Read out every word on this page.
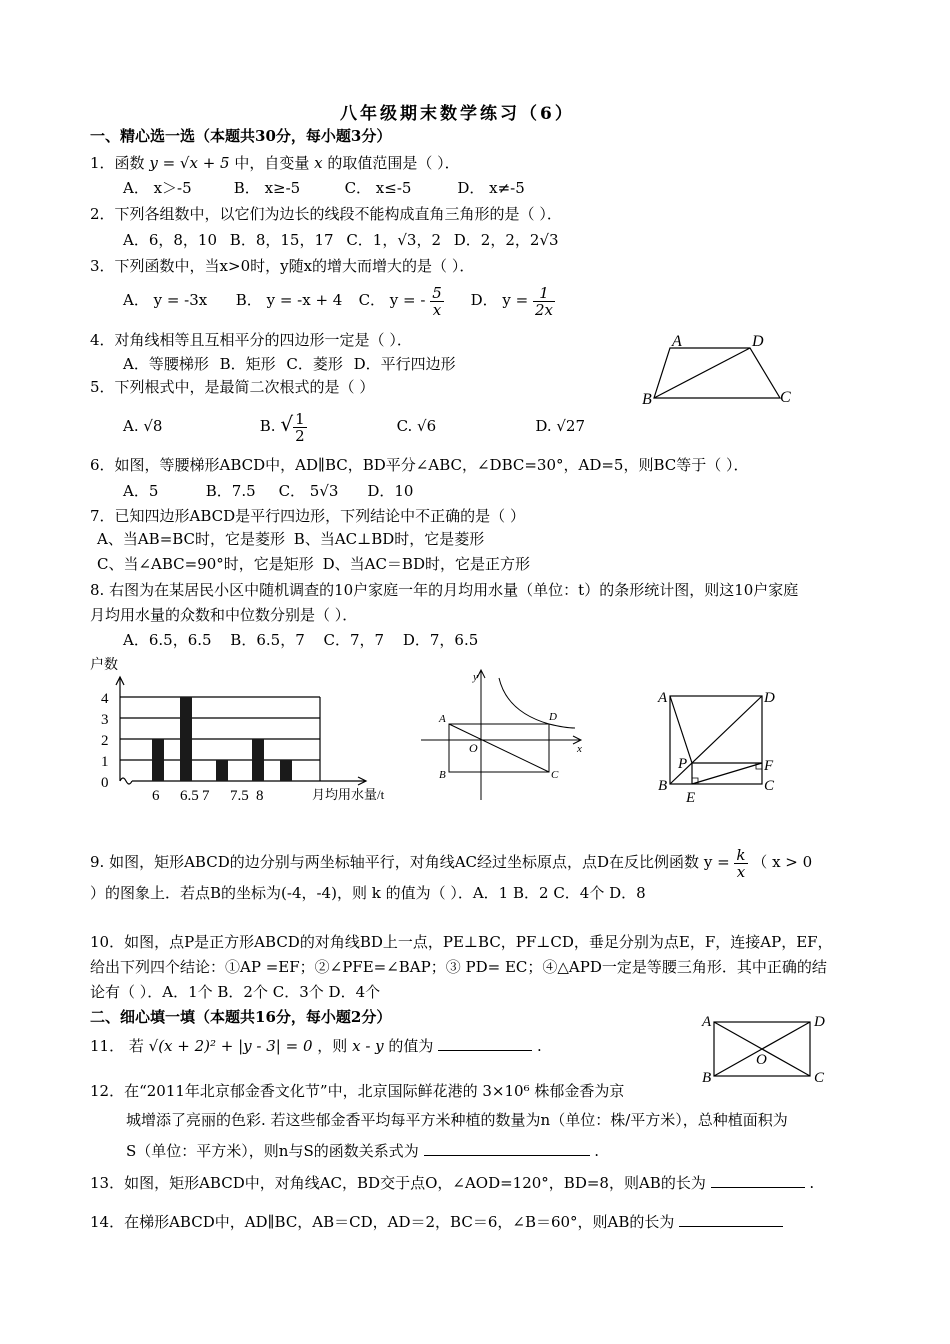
八年级期末数学练习（6）
一、精心选一选（本题共30分，每小题3分）
1．函数 y = √x + 5 中，自变量 x 的取值范围是（ ）．
A． x＞-5	B． x≥-5	C． x≤-5	D． x≠-5
2．下列各组数中，以它们为边长的线段不能构成直角三角形的是（ ）．
A．6，8，10 B．8，15，17 C．1，√3，2 D．2，2，2√3
3．下列函数中，当x>0时，y随x的增大而增大的是（ ）．
A． y = -3x B． y = -x + 4 C． y = - $\frac{5}{x}$ D． $y = \frac{1}{2x}$
4．对角线相等且互相平分的四边形一定是（ ）．
A．等腰梯形 B．矩形 C．菱形 D．平行四边形
A	D
B	C
5．下列根式中，是最简二次根式的是（ ）
A. √8	B. √ $\frac{1}{2}$	C. √6	D. √27
6．如图，等腰梯形ABCD中，AD∥BC，BD平分∠ABC，∠DBC=30°，AD=5，则BC等于（ ）．
A．5	B．7.5 C． 5√3 D．10
7．已知四边形ABCD是平行四边形，下列结论中不正确的是（ ）
A、当AB=BC时，它是菱形 B、当AC⊥BD时，它是菱形
C、当∠ABC=90°时，它是矩形 D、当AC＝BD时，它是正方形
8. 右图为在某居民小区中随机调查的10户家庭一年的月均用水量（单位：t）的条形统计图，则这10户家庭
月均用水量的众数和中位数分别是（ ）．
A．6.5，6.5 B．6.5，7 C．7，7 D．7，6.5
户数
0
1
2
3
4
6 6.5 7 7.5 8	月均用水量/t
y
x
O
A
B	C
D
A	D
B	C
P	F
E
9. 如图，矩形ABCD的边分别与两坐标轴平行，对角线AC经过坐标原点，点D在反比例函数 $y = \frac{k}{x}$ （ x > 0
）的图象上．若点B的坐标为(-4，-4)，则 k 的值为（ ）．A．1 B．2 C．4个 D．8
10．如图，点P是正方形ABCD的对角线BD上一点，PE⊥BC，PF⊥CD，垂足分别为点E，F，连接AP，EF，
给出下列四个结论：①AP =EF；②∠PFE=∠BAP；③ PD= EC；④△APD一定是等腰三角形．其中正确的结
论有（ ）．A．1个 B．2个 C．3个 D．4个
二、细心填一填（本题共16分，每小题2分）	A	D
B	C
O
11． 若 √(x + 2)² + |y - 3| = 0 ，则 x - y 的值为	.
12．在“2011年北京郁金香文化节”中，北京国际鲜花港的 3×10⁶ 株郁金香为京
城增添了亮丽的色彩. 若这些郁金香平均每平方米种植的数量为n（单位：株/平方米），总种植面积为
S（单位：平方米），则n与S的函数关系式为	.
13．如图，矩形ABCD中，对角线AC，BD交于点O，∠AOD=120°，BD=8，则AB的长为	.
14．在梯形ABCD中，AD∥BC，AB＝CD，AD＝2，BC＝6，∠B＝60°，则AB的长为
